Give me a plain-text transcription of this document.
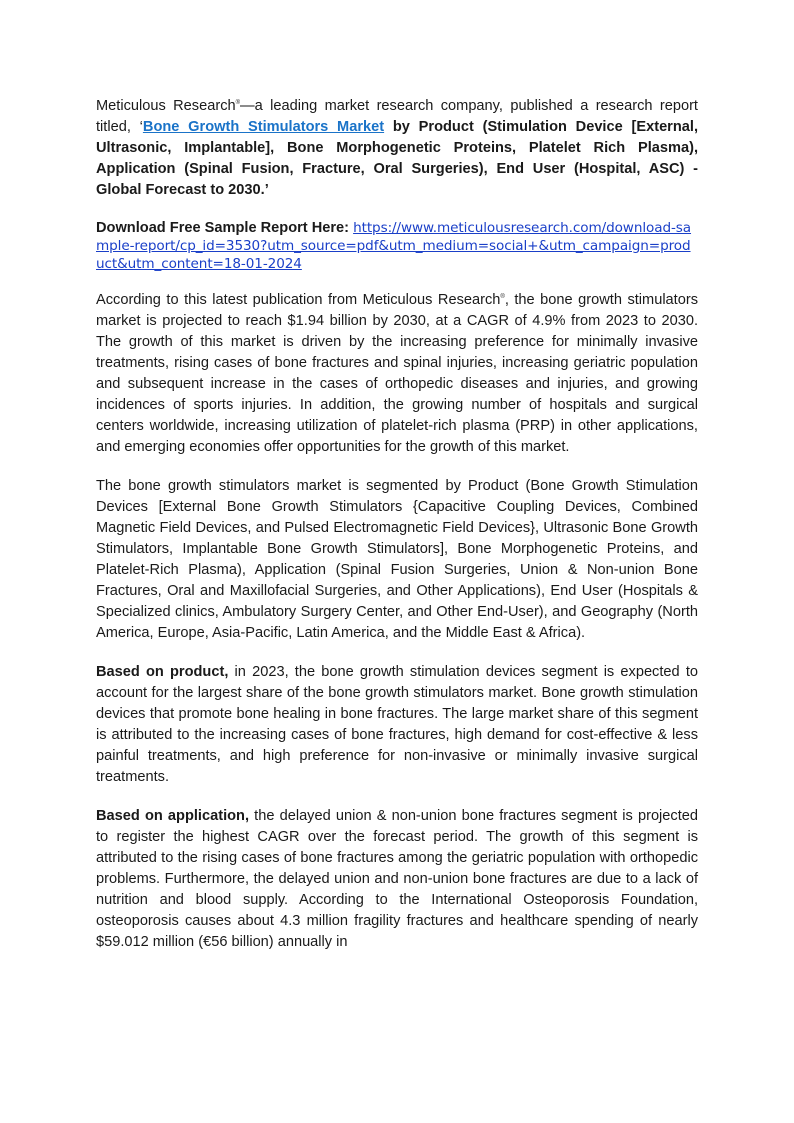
Meticulous Research®—a leading market research company, published a research report titled, ‘Bone Growth Stimulators Market by Product (Stimulation Device [External, Ultrasonic, Implantable], Bone Morphogenetic Proteins, Platelet Rich Plasma), Application (Spinal Fusion, Fracture, Oral Surgeries), End User (Hospital, ASC) - Global Forecast to 2030.’

Download Free Sample Report Here: https://www.meticulousresearch.com/download-sample-report/cp_id=3530?utm_source=pdf&utm_medium=social+&utm_campaign=product&utm_content=18-01-2024

According to this latest publication from Meticulous Research®, the bone growth stimulators market is projected to reach $1.94 billion by 2030, at a CAGR of 4.9% from 2023 to 2030. The growth of this market is driven by the increasing preference for minimally invasive treatments, rising cases of bone fractures and spinal injuries, increasing geriatric population and subsequent increase in the cases of orthopedic diseases and injuries, and growing incidences of sports injuries. In addition, the growing number of hospitals and surgical centers worldwide, increasing utilization of platelet-rich plasma (PRP) in other applications, and emerging economies offer opportunities for the growth of this market.

The bone growth stimulators market is segmented by Product (Bone Growth Stimulation Devices [External Bone Growth Stimulators {Capacitive Coupling Devices, Combined Magnetic Field Devices, and Pulsed Electromagnetic Field Devices}, Ultrasonic Bone Growth Stimulators, Implantable Bone Growth Stimulators], Bone Morphogenetic Proteins, and Platelet-Rich Plasma), Application (Spinal Fusion Surgeries, Union & Non-union Bone Fractures, Oral and Maxillofacial Surgeries, and Other Applications), End User (Hospitals & Specialized clinics, Ambulatory Surgery Center, and Other End-User), and Geography (North America, Europe, Asia-Pacific, Latin America, and the Middle East & Africa).

Based on product, in 2023, the bone growth stimulation devices segment is expected to account for the largest share of the bone growth stimulators market. Bone growth stimulation devices that promote bone healing in bone fractures. The large market share of this segment is attributed to the increasing cases of bone fractures, high demand for cost-effective & less painful treatments, and high preference for non-invasive or minimally invasive surgical treatments.

Based on application, the delayed union & non-union bone fractures segment is projected to register the highest CAGR over the forecast period. The growth of this segment is attributed to the rising cases of bone fractures among the geriatric population with orthopedic problems. Furthermore, the delayed union and non-union bone fractures are due to a lack of nutrition and blood supply. According to the International Osteoporosis Foundation, osteoporosis causes about 4.3 million fragility fractures and healthcare spending of nearly $59.012 million (€56 billion) annually in
